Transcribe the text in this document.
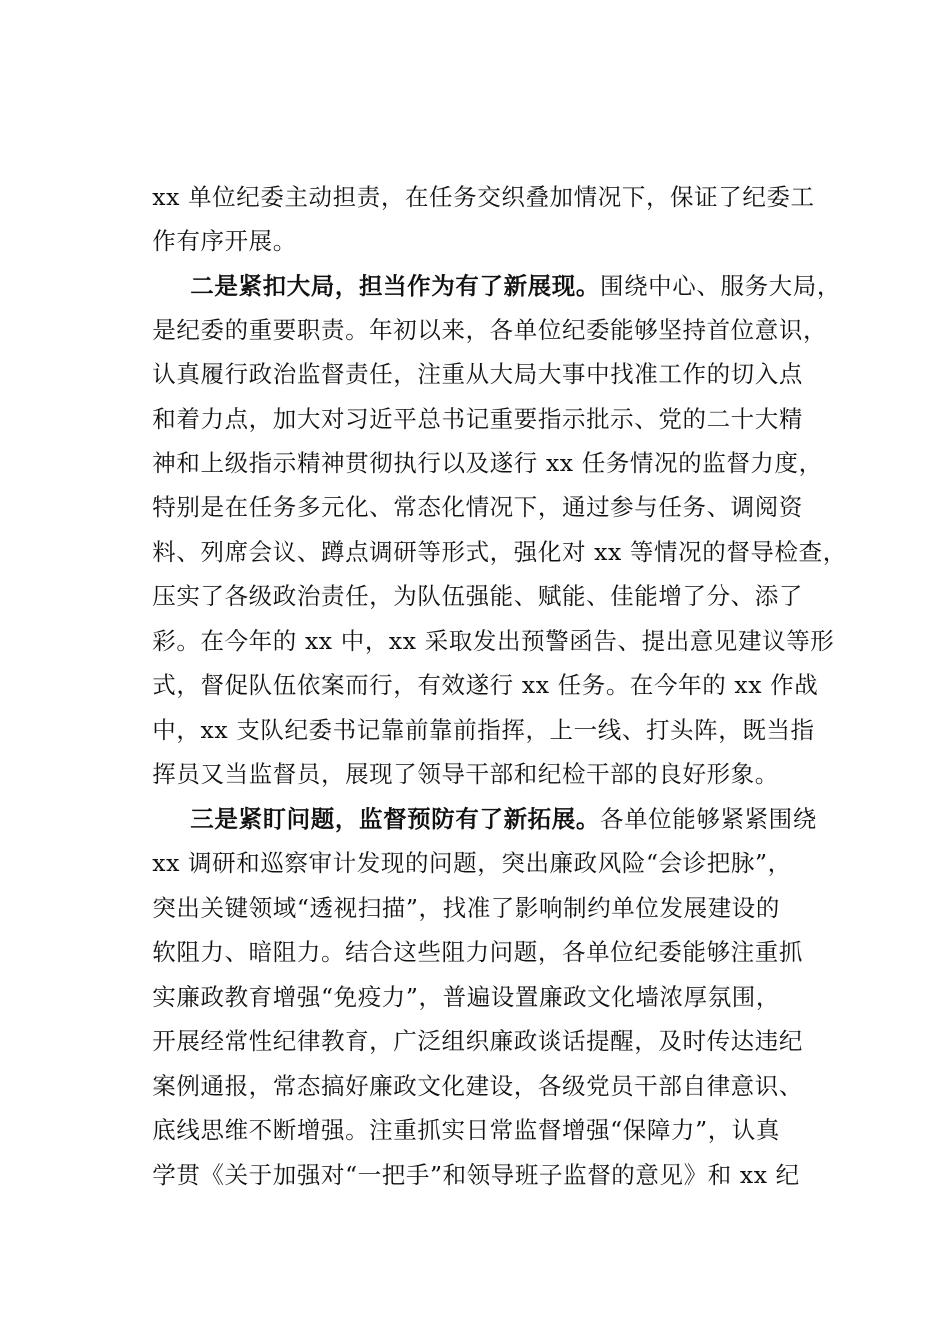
xx 单位纪委主动担责，在任务交织叠加情况下，保证了纪委工

作有序开展。

二是紧扣大局，担当作为有了新展现。围绕中心、服务大局，

是纪委的重要职责。年初以来，各单位纪委能够坚持首位意识，

认真履行政治监督责任，注重从大局大事中找准工作的切入点

和着力点，加大对习近平总书记重要指示批示、党的二十大精

神和上级指示精神贯彻执行以及遂行 xx 任务情况的监督力度，

特别是在任务多元化、常态化情况下，通过参与任务、调阅资

料、列席会议、蹲点调研等形式，强化对 xx 等情况的督导检查，

压实了各级政治责任，为队伍强能、赋能、佳能增了分、添了

彩。在今年的 xx 中，xx 采取发出预警函告、提出意见建议等形

式，督促队伍依案而行，有效遂行 xx 任务。在今年的 xx 作战

中，xx 支队纪委书记靠前靠前指挥，上一线、打头阵，既当指

挥员又当监督员，展现了领导干部和纪检干部的良好形象。

三是紧盯问题，监督预防有了新拓展。各单位能够紧紧围绕

xx 调研和巡察审计发现的问题，突出廉政风险“会诊把脉”，

突出关键领域“透视扫描”，找准了影响制约单位发展建设的

软阻力、暗阻力。结合这些阻力问题，各单位纪委能够注重抓

实廉政教育增强“免疫力”，普遍设置廉政文化墙浓厚氛围，

开展经常性纪律教育，广泛组织廉政谈话提醒，及时传达违纪

案例通报，常态搞好廉政文化建设，各级党员干部自律意识、

底线思维不断增强。注重抓实日常监督增强“保障力”，认真

学贯《关于加强对“一把手”和领导班子监督的意见》和 xx 纪
